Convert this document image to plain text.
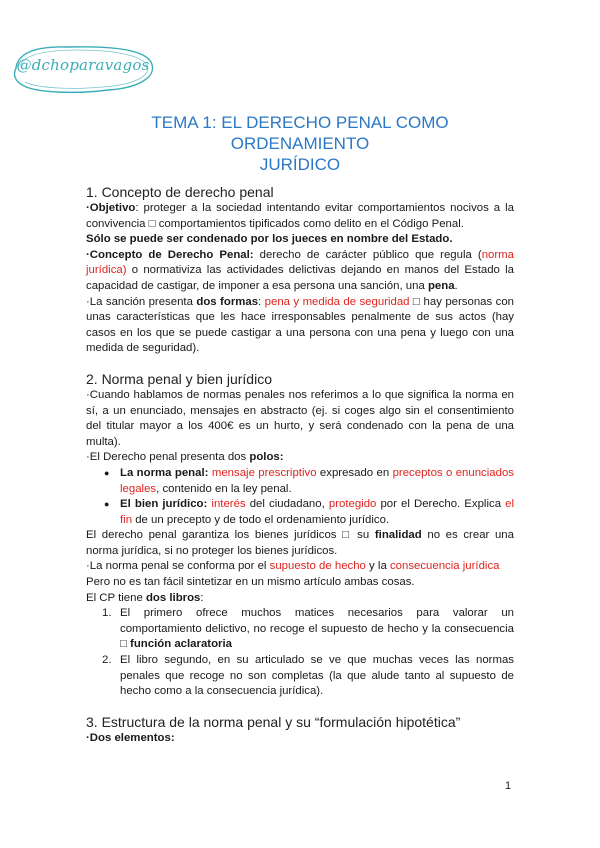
@dchoparavagos
TEMA 1: EL DERECHO PENAL COMO ORDENAMIENTO
JURÍDICO
1. Concepto de derecho penal

·Objetivo: proteger a la sociedad intentando evitar comportamientos nocivos a la convivencia □ comportamientos tipificados como delito en el Código Penal.

Sólo se puede ser condenado por los jueces en nombre del Estado.

·Concepto de Derecho Penal: derecho de carácter público que regula (norma jurídica) o normativiza las actividades delictivas dejando en manos del Estado la capacidad de castigar, de imponer a esa persona una sanción, una pena.

·La sanción presenta dos formas: pena y medida de seguridad □ hay personas con unas características que les hace irresponsables penalmente de sus actos (hay casos en los que se puede castigar a una persona con una pena y luego con una medida de seguridad).

2. Norma penal y bien jurídico

·Cuando hablamos de normas penales nos referimos a lo que significa la norma en sí, a un enunciado, mensajes en abstracto (ej. si coges algo sin el consentimiento del titular mayor a los 400€ es un hurto, y será condenado con la pena de una multa).

·El Derecho penal presenta dos polos:

● La norma penal: mensaje prescriptivo expresado en preceptos o enunciados legales, contenido en la ley penal.
● El bien jurídico: interés del ciudadano, protegido por el Derecho. Explica el fin de un precepto y de todo el ordenamiento jurídico.

El derecho penal garantiza los bienes jurídicos □ su finalidad no es crear una norma jurídica, si no proteger los bienes jurídicos.

·La norma penal se conforma por el supuesto de hecho y la consecuencia jurídica

Pero no es tan fácil sintetizar en un mismo artículo ambas cosas.

El CP tiene dos libros:

1. El primero ofrece muchos matices necesarios para valorar un comportamiento delictivo, no recoge el supuesto de hecho y la consecuencia □ función aclaratoria
2. El libro segundo, en su articulado se ve que muchas veces las normas penales que recoge no son completas (la que alude tanto al supuesto de hecho como a la consecuencia jurídica).
3. Estructura de la norma penal y su “formulación hipotética”

·Dos elementos:

1
